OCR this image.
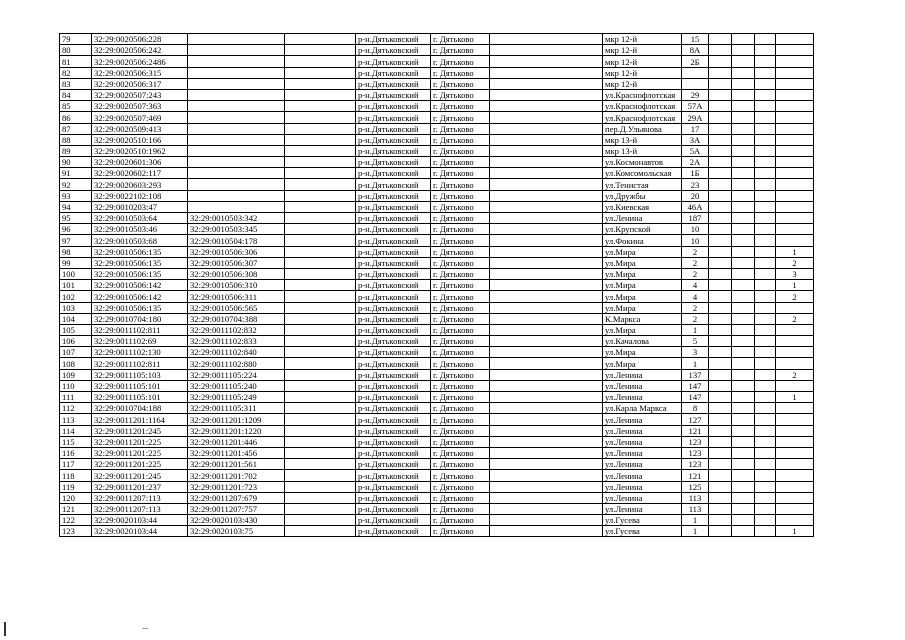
79	32:29:0020506:228			р-н.Дятьковский	г. Дятьково		мкр 12-й	15				
80	32:29:0020506:242			р-н.Дятьковский	г. Дятьково		мкр 12-й	8А				
81	32:29:0020506:2486			р-н.Дятьковский	г. Дятьково		мкр 12-й	2Б				
82	32:29:0020506:315			р-н.Дятьковский	г. Дятьково		мкр 12-й					
83	32:29:0020506:317			р-н.Дятьковский	г. Дятьково		мкр 12-й					
84	32:29:0020507:243			р-н.Дятьковский	г. Дятьково		ул.Краснофлотская	29				
85	32:29:0020507:363			р-н.Дятьковский	г. Дятьково		ул.Краснофлотская	57А				
86	32:29:0020507:469			р-н.Дятьковский	г. Дятьково		ул.Краснофлотская	29А				
87	32:29:0020509:413			р-н.Дятьковский	г. Дятьково		пер.Д.Ульянова	17				
88	32:29:0020510:166			р-н.Дятьковский	г. Дятьково		мкр 13-й	3А				
89	32:29:0020510:1962			р-н.Дятьковский	г. Дятьково		мкр 13-й	5А				
90	32:29:0020601:306			р-н.Дятьковский	г. Дятьково		ул.Космонавтов	2А				
91	32:29:0020602:117			р-н.Дятьковский	г. Дятьково		ул.Комсомольская	1Б				
92	32:29:0020603:293			р-н.Дятьковский	г. Дятьково		ул.Тенистая	23				
93	32:29:0022102:108			р-н.Дятьковский	г. Дятьково		ул.Дружбы	20				
94	32:29:0010203:47			р-н.Дятьковский	г. Дятьково		ул.Киевская	46А				
95	32:29:0010503:64	32:29:0010503:342		р-н.Дятьковский	г. Дятьково		ул.Ленина	187				
96	32:29:0010503:46	32:29:0010503:345		р-н.Дятьковский	г. Дятьково		ул.Крупской	10				
97	32:29:0010503:68	32:29:0010504:178		р-н.Дятьковский	г. Дятьково		ул.Фокина	10				
98	32:29:0010506:135	32:29:0010506:306		р-н.Дятьковский	г. Дятьково		ул.Мира	2				1
99	32:29:0010506:135	32:29:0010506:307		р-н.Дятьковский	г. Дятьково		ул.Мира	2				2
100	32:29:0010506:135	32:29:0010506:308		р-н.Дятьковский	г. Дятьково		ул.Мира	2				3
101	32:29:0010506:142	32:29:0010506:310		р-н.Дятьковский	г. Дятьково		ул.Мира	4				1
102	32:29:0010506:142	32:29:0010506:311		р-н.Дятьковский	г. Дятьково		ул.Мира	4				2
103	32:29:0010506:135	32:29:0010506:565		р-н.Дятьковский	г. Дятьково		ул.Мира	2				
104	32:29:0010704:180	32:29:0010704:388		р-н.Дятьковский	г. Дятьково		К.Маркса	2				2
105	32:29:0011102:811	32:29:0011102:832		р-н.Дятьковский	г. Дятьково		ул.Мира	1				
106	32:29:0011102:69	32:29:0011102:833		р-н.Дятьковский	г. Дятьково		ул.Качалова	5				
107	32:29:0011102:130	32:29:0011102:840		р-н.Дятьковский	г. Дятьково		ул.Мира	3				
108	32:29:0011102:811	32:29:0011102:880		р-н.Дятьковский	г. Дятьково		ул.Мира	1				
109	32:29:0011105:103	32:29:0011105:224		р-н.Дятьковский	г. Дятьково		ул.Ленина	137				2
110	32:29:0011105:101	32:29:0011105:240		р-н.Дятьковский	г. Дятьково		ул.Ленина	147				
111	32:29:0011105:101	32:29:0011105:249		р-н.Дятьковский	г. Дятьково		ул.Ленина	147				1
112	32:29:0010704:188	32:29:0011105:311		р-н.Дятьковский	г. Дятьково		ул.Карла Маркса	8				
113	32:29:0011201:1164	32:29:0011201:1209		р-н.Дятьковский	г. Дятьково		ул.Ленина	127				
114	32:29:0011201:245	32:29:0011201:1220		р-н.Дятьковский	г. Дятьково		ул.Ленина	121				
115	32:29:0011201:225	32:29:0011201:446		р-н.Дятьковский	г. Дятьково		ул.Ленина	123				
116	32:29:0011201:225	32:29:0011201:456		р-н.Дятьковский	г. Дятьково		ул.Ленина	123				
117	32:29:0011201:225	32:29:0011201:561		р-н.Дятьковский	г. Дятьково		ул.Ленина	123				
118	32:29:0011201:245	32:29:0011201:702		р-н.Дятьковский	г. Дятьково		ул.Ленина	121				
119	32:29:0011201:237	32:29:0011201:723		р-н.Дятьковский	г. Дятьково		ул.Ленина	125				
120	32:29:0011207:113	32:29:0011207:679		р-н.Дятьковский	г. Дятьково		ул.Ленина	113				
121	32:29:0011207:113	32:29:0011207:757		р-н.Дятьковский	г. Дятьково		ул.Ленина	113				
122	32:29:0020103:44	32:29:0020103:430		р-н.Дятьковский	г. Дятьково		ул.Гусева	1				
123	32:29:0020103:44	32:29:0020103:75		р-н.Дятьковский	г. Дятьково		ул.Гусева	1				1
